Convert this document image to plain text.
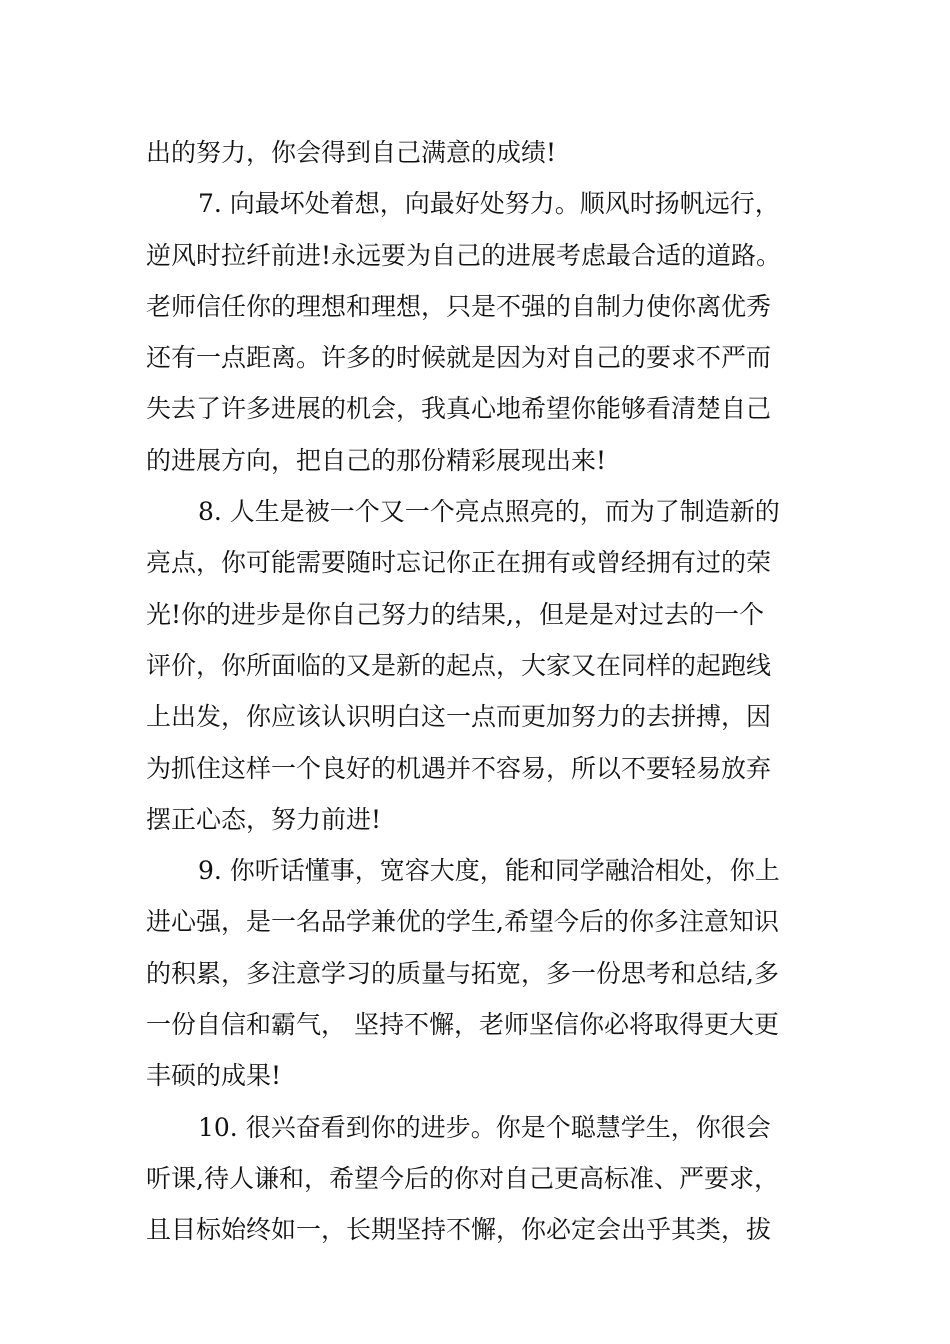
出的努力，你会得到自己满意的成绩!
7. 向最坏处着想，向最好处努力。顺风时扬帆远行，
逆风时拉纤前进!永远要为自己的进展考虑最合适的道路。
老师信任你的理想和理想，只是不强的自制力使你离优秀
还有一点距离。许多的时候就是因为对自己的要求不严而
失去了许多进展的机会，我真心地希望你能够看清楚自己
的进展方向，把自己的那份精彩展现出来!
8. 人生是被一个又一个亮点照亮的，而为了制造新的
亮点，你可能需要随时忘记你正在拥有或曾经拥有过的荣
光!你的进步是你自己努力的结果,，但是是对过去的一个
评价，你所面临的又是新的起点，大家又在同样的起跑线
上出发，你应该认识明白这一点而更加努力的去拼搏，因
为抓住这样一个良好的机遇并不容易，所以不要轻易放弃
摆正心态，努力前进!
9. 你听话懂事，宽容大度，能和同学融洽相处，你上
进心强，是一名品学兼优的学生,希望今后的你多注意知识
的积累，多注意学习的质量与拓宽，多一份思考和总结,多
一份自信和霸气， 坚持不懈，老师坚信你必将取得更大更
丰硕的成果!
10. 很兴奋看到你的进步。你是个聪慧学生，你很会
听课,待人谦和，希望今后的你对自己更高标准、严要求，
且目标始终如一，长期坚持不懈，你必定会出乎其类，拔
